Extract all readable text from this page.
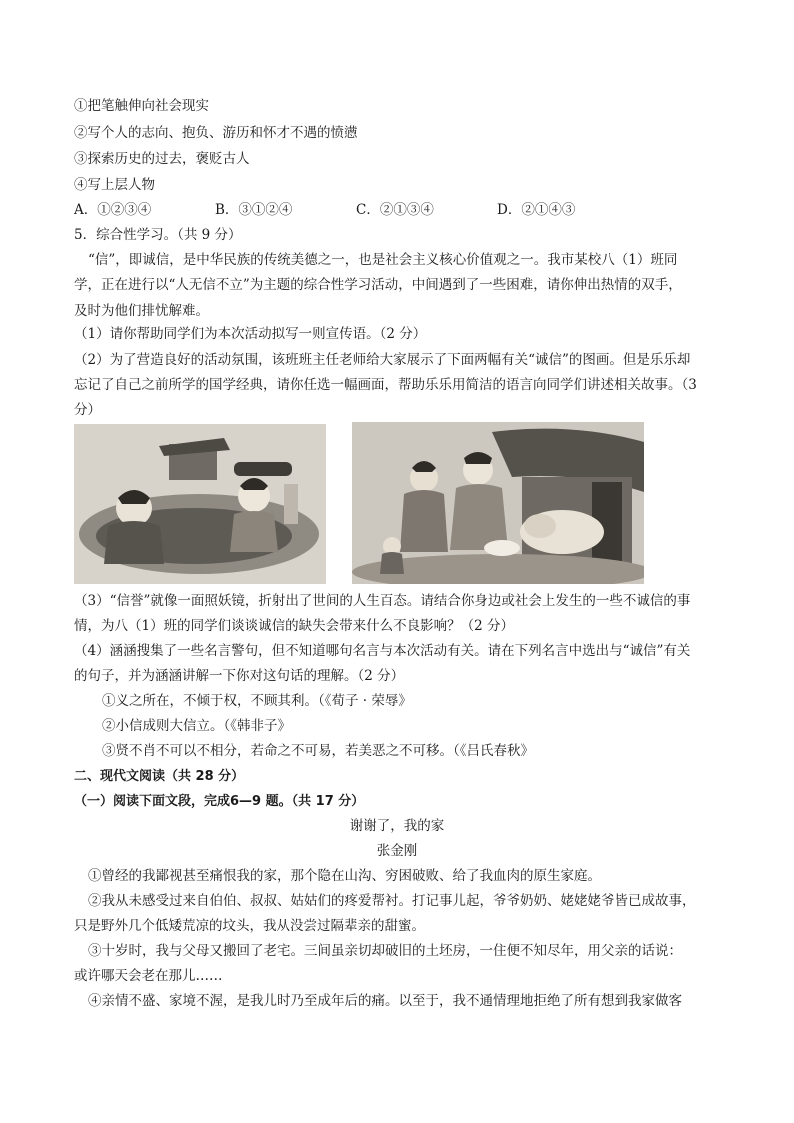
①把笔触伸向社会现实
②写个人的志向、抱负、游历和怀才不遇的愤懑
③探索历史的过去，褒贬古人
④写上层人物
A．①②③④	B．③①②④	C．②①③④	D．②①④③
5．综合性学习。（共 9 分）
“信”，即诚信，是中华民族的传统美德之一，也是社会主义核心价值观之一。我市某校八（1）班同
学，正在进行以“人无信不立”为主题的综合性学习活动，中间遇到了一些困难，请你伸出热情的双手，
及时为他们排忧解难。
（1）请你帮助同学们为本次活动拟写一则宣传语。（2 分）
（2）为了营造良好的活动氛围，该班班主任老师给大家展示了下面两幅有关“诚信”的图画。但是乐乐却
忘记了自己之前所学的国学经典，请你任选一幅画面，帮助乐乐用简洁的语言向同学们讲述相关故事。（3
分）
（3）“信誉”就像一面照妖镜，折射出了世间的人生百态。请结合你身边或社会上发生的一些不诚信的事
情，为八（1）班的同学们谈谈诚信的缺失会带来什么不良影响？（2 分）
（4）涵涵搜集了一些名言警句，但不知道哪句名言与本次活动有关。请在下列名言中选出与“诚信”有关
的句子，并为涵涵讲解一下你对这句话的理解。（2 分）
①义之所在，不倾于权，不顾其利。（《荀子 · 荣辱》
②小信成则大信立。（《韩非子》
③贤不肖不可以不相分，若命之不可易，若美恶之不可移。（《吕氏春秋》
二、现代文阅读（共 28 分）
（一）阅读下面文段，完成6—9 题。（共 17 分）
谢谢了，我的家
张金刚
①曾经的我鄙视甚至痛恨我的家，那个隐在山沟、穷困破败、给了我血肉的原生家庭。
②我从未感受过来自伯伯、叔叔、姑姑们的疼爱帮衬。打记事儿起，爷爷奶奶、姥姥姥爷皆已成故事，
只是野外几个低矮荒凉的坟头，我从没尝过隔辈亲的甜蜜。
③十岁时，我与父母又搬回了老宅。三间虽亲切却破旧的土坯房，一住便不知尽年，用父亲的话说：
或许哪天会老在那儿……
④亲情不盛、家境不渥，是我儿时乃至成年后的痛。以至于，我不通情理地拒绝了所有想到我家做客
